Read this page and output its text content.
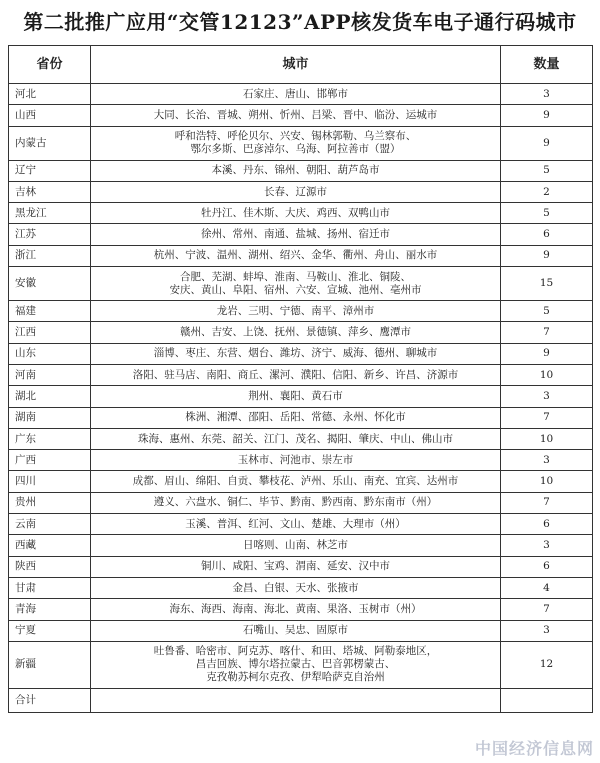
第二批推广应用“交管12123”APP核发货车电子通行码城市
省份	城市	数量
河北	石家庄、唐山、邯郸市	3
山西	大同、长治、晋城、朔州、忻州、吕梁、晋中、临汾、运城市	9
内蒙古	呼和浩特、呼伦贝尔、兴安、锡林郭勒、乌兰察布、
鄂尔多斯、巴彦淖尔、乌海、阿拉善市（盟）	9
辽宁	本溪、丹东、锦州、朝阳、葫芦岛市	5
吉林	长春、辽源市	2
黑龙江	牡丹江、佳木斯、大庆、鸡西、双鸭山市	5
江苏	徐州、常州、南通、盐城、扬州、宿迁市	6
浙江	杭州、宁波、温州、湖州、绍兴、金华、衢州、舟山、丽水市	9
安徽	合肥、芜湖、蚌埠、淮南、马鞍山、淮北、铜陵、
安庆、黄山、阜阳、宿州、六安、宣城、池州、亳州市	15
福建	龙岩、三明、宁德、南平、漳州市	5
江西	赣州、吉安、上饶、抚州、景德镇、萍乡、鹰潭市	7
山东	淄博、枣庄、东营、烟台、潍坊、济宁、威海、德州、聊城市	9
河南	洛阳、驻马店、南阳、商丘、漯河、濮阳、信阳、新乡、许昌、济源市	10
湖北	荆州、襄阳、黄石市	3
湖南	株洲、湘潭、邵阳、岳阳、常德、永州、怀化市	7
广东	珠海、惠州、东莞、韶关、江门、茂名、揭阳、肇庆、中山、佛山市	10
广西	玉林市、河池市、崇左市	3
四川	成都、眉山、绵阳、自贡、攀枝花、泸州、乐山、南充、宜宾、达州市	10
贵州	遵义、六盘水、铜仁、毕节、黔南、黔西南、黔东南市（州）	7
云南	玉溪、普洱、红河、文山、楚雄、大理市（州）	6
西藏	日喀则、山南、林芝市	3
陕西	铜川、咸阳、宝鸡、渭南、延安、汉中市	6
甘肃	金昌、白银、天水、张掖市	4
青海	海东、海西、海南、海北、黄南、果洛、玉树市（州）	7
宁夏	石嘴山、吴忠、固原市	3
新疆	吐鲁番、哈密市、阿克苏、喀什、和田、塔城、阿勒泰地区，
昌吉回族、博尔塔拉蒙古、巴音郭楞蒙古、
克孜勒苏柯尔克孜、伊犁哈萨克自治州	12
合计		
中国经济信息网
